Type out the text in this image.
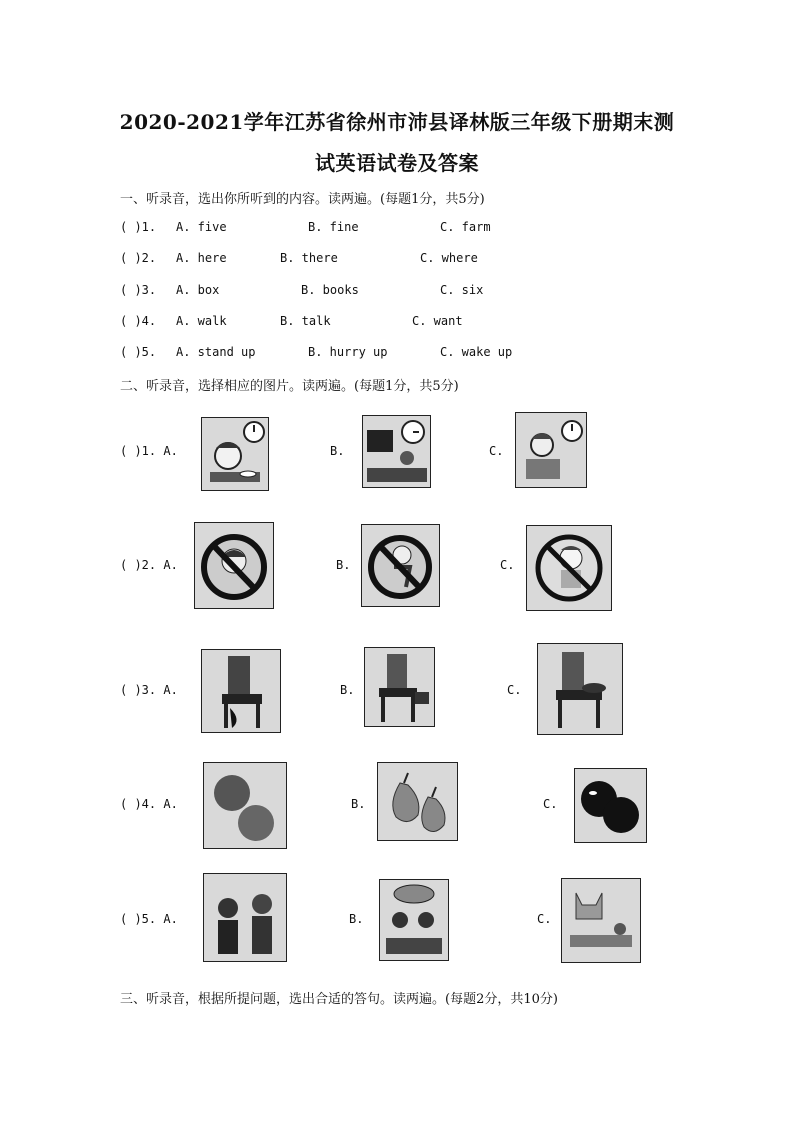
2020-2021学年江苏省徐州市沛县译林版三年级下册期末测
试英语试卷及答案
一、听录音，选出你所听到的内容。读两遍。(每题1分，共5分)
( )1. A. five	B. fine	C. farm
( )2. A. here	B. there	C. where
( )3. A. box	B. books	C. six
( )4. A. walk	B. talk	C. want
( )5. A. stand up	B. hurry up	C. wake up
二、听录音，选择相应的图片。读两遍。(每题1分，共5分)
( )1. A.	B.	C.
( )2. A.	B.	C.
( )3. A.	B.	C.
( )4. A.	B.	C.
( )5. A.	B.	C.
三、听录音，根据所提问题，选出合适的答句。读两遍。(每题2分，共10分)
